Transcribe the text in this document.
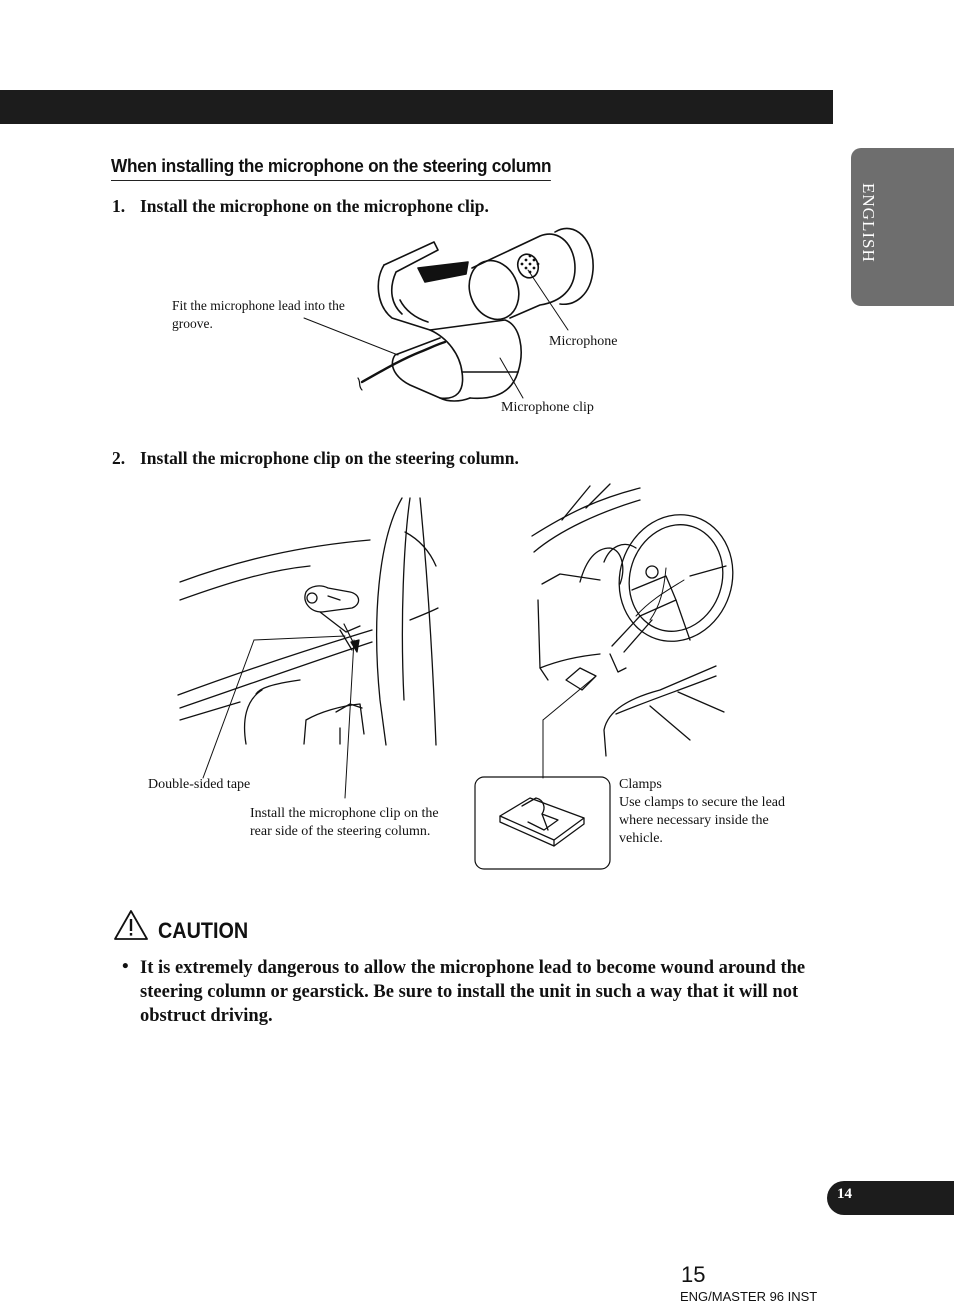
ENGLISH
When installing the microphone on the steering column

1. Install the microphone on the microphone clip.

Fit the microphone lead into the groove.

Microphone

Microphone clip

2. Install the microphone clip on the steering column.

Double-sided tape

Install the microphone clip on the rear side of the steering column.

Clamps

Use clamps to secure the lead where necessary inside the vehicle.

CAUTION
• It is extremely dangerous to allow the microphone lead to become wound around the steering column or gearstick. Be sure to install the unit in such a way that it will not obstruct driving.

14
15
ENG/MASTER 96 INST
